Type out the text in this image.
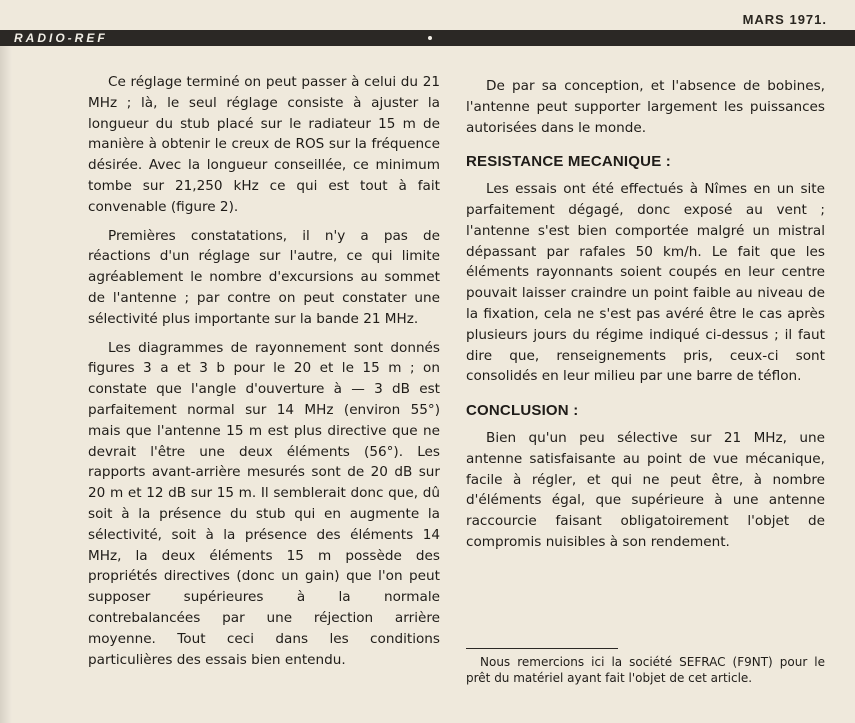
MARS 1971.
RADIO-REF

Ce réglage terminé on peut passer à celui du 21 MHz ; là, le seul réglage consiste à ajuster la longueur du stub placé sur le radiateur 15 m de manière à obtenir le creux de ROS sur la fréquence désirée. Avec la longueur conseillée, ce minimum tombe sur 21,250 kHz ce qui est tout à fait convenable (figure 2).

Premières constatations, il n'y a pas de réactions d'un réglage sur l'autre, ce qui limite agréablement le nombre d'excursions au sommet de l'antenne ; par contre on peut constater une sélectivité plus importante sur la bande 21 MHz.

Les diagrammes de rayonnement sont donnés figures 3 a et 3 b pour le 20 et le 15 m ; on constate que l'angle d'ouverture à — 3 dB est parfaitement normal sur 14 MHz (environ 55°) mais que l'antenne 15 m est plus directive que ne devrait l'être une deux éléments (56°). Les rapports avant-arrière mesurés sont de 20 dB sur 20 m et 12 dB sur 15 m. Il semblerait donc que, dû soit à la présence du stub qui en augmente la sélectivité, soit à la présence des éléments 14 MHz, la deux éléments 15 m possède des propriétés directives (donc un gain) que l'on peut supposer supérieures à la normale contrebalancées par une réjection arrière moyenne. Tout ceci dans les conditions particulières des essais bien entendu.

De par sa conception, et l'absence de bobines, l'antenne peut supporter largement les puissances autorisées dans le monde.

RESISTANCE MECANIQUE :

Les essais ont été effectués à Nîmes en un site parfaitement dégagé, donc exposé au vent ; l'antenne s'est bien comportée malgré un mistral dépassant par rafales 50 km/h. Le fait que les éléments rayonnants soient coupés en leur centre pouvait laisser craindre un point faible au niveau de la fixation, cela ne s'est pas avéré être le cas après plusieurs jours du régime indiqué ci-dessus ; il faut dire que, renseignements pris, ceux-ci sont consolidés en leur milieu par une barre de téflon.

CONCLUSION :

Bien qu'un peu sélective sur 21 MHz, une antenne satisfaisante au point de vue mécanique, facile à régler, et qui ne peut être, à nombre d'éléments égal, que supérieure à une antenne raccourcie faisant obligatoirement l'objet de compromis nuisibles à son rendement.

Nous remercions ici la société SEFRAC (F9NT) pour le prêt du matériel ayant fait l'objet de cet article.
